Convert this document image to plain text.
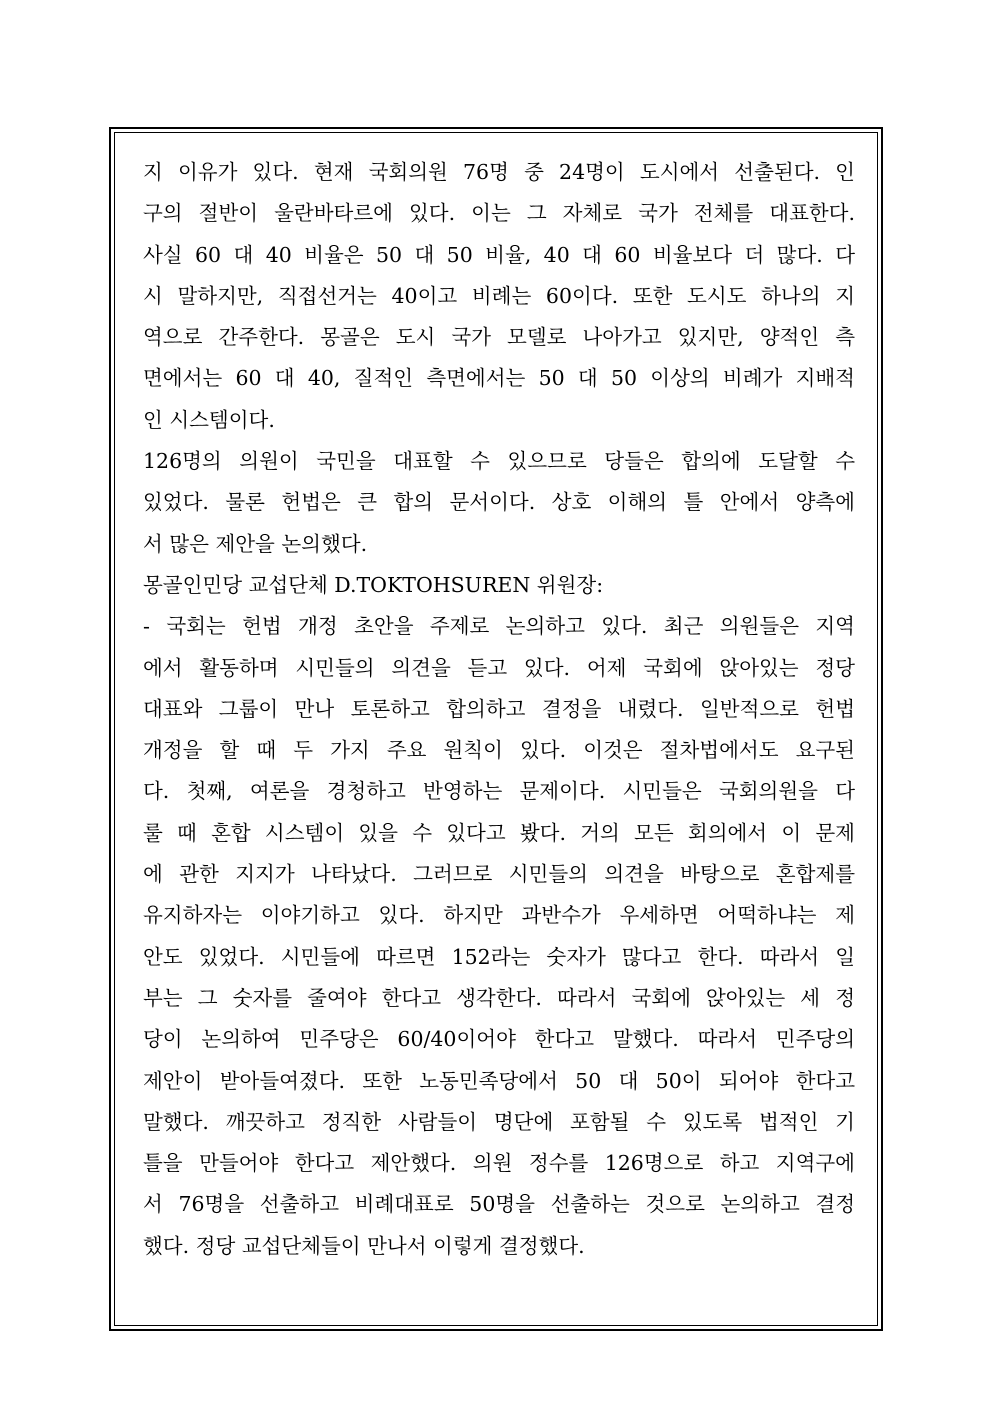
지 이유가 있다. 현재 국회의원 76명 중 24명이 도시에서 선출된다. 인
구의 절반이 울란바타르에 있다. 이는 그 자체로 국가 전체를 대표한다.
사실 60 대 40 비율은 50 대 50 비율, 40 대 60 비율보다 더 많다. 다
시 말하지만, 직접선거는 40이고 비례는 60이다. 또한 도시도 하나의 지
역으로 간주한다. 몽골은 도시 국가 모델로 나아가고 있지만, 양적인 측
면에서는 60 대 40, 질적인 측면에서는 50 대 50 이상의 비례가 지배적
인 시스템이다.
126명의 의원이 국민을 대표할 수 있으므로 당들은 합의에 도달할 수
있었다. 물론 헌법은 큰 합의 문서이다. 상호 이해의 틀 안에서 양측에
서 많은 제안을 논의했다.
몽골인민당 교섭단체 D.TOKTOHSUREN 위원장:
- 국회는 헌법 개정 초안을 주제로 논의하고 있다. 최근 의원들은 지역
에서 활동하며 시민들의 의견을 듣고 있다. 어제 국회에 앉아있는 정당
대표와 그룹이 만나 토론하고 합의하고 결정을 내렸다. 일반적으로 헌법
개정을 할 때 두 가지 주요 원칙이 있다. 이것은 절차법에서도 요구된
다. 첫째, 여론을 경청하고 반영하는 문제이다. 시민들은 국회의원을 다
룰 때 혼합 시스템이 있을 수 있다고 봤다. 거의 모든 회의에서 이 문제
에 관한 지지가 나타났다. 그러므로 시민들의 의견을 바탕으로 혼합제를
유지하자는 이야기하고 있다. 하지만 과반수가 우세하면 어떡하냐는 제
안도 있었다. 시민들에 따르면 152라는 숫자가 많다고 한다. 따라서 일
부는 그 숫자를 줄여야 한다고 생각한다. 따라서 국회에 앉아있는 세 정
당이 논의하여 민주당은 60/40이어야 한다고 말했다. 따라서 민주당의
제안이 받아들여졌다. 또한 노동민족당에서 50 대 50이 되어야 한다고
말했다. 깨끗하고 정직한 사람들이 명단에 포함될 수 있도록 법적인 기
틀을 만들어야 한다고 제안했다. 의원 정수를 126명으로 하고 지역구에
서 76명을 선출하고 비례대표로 50명을 선출하는 것으로 논의하고 결정
했다. 정당 교섭단체들이 만나서 이렇게 결정했다.
